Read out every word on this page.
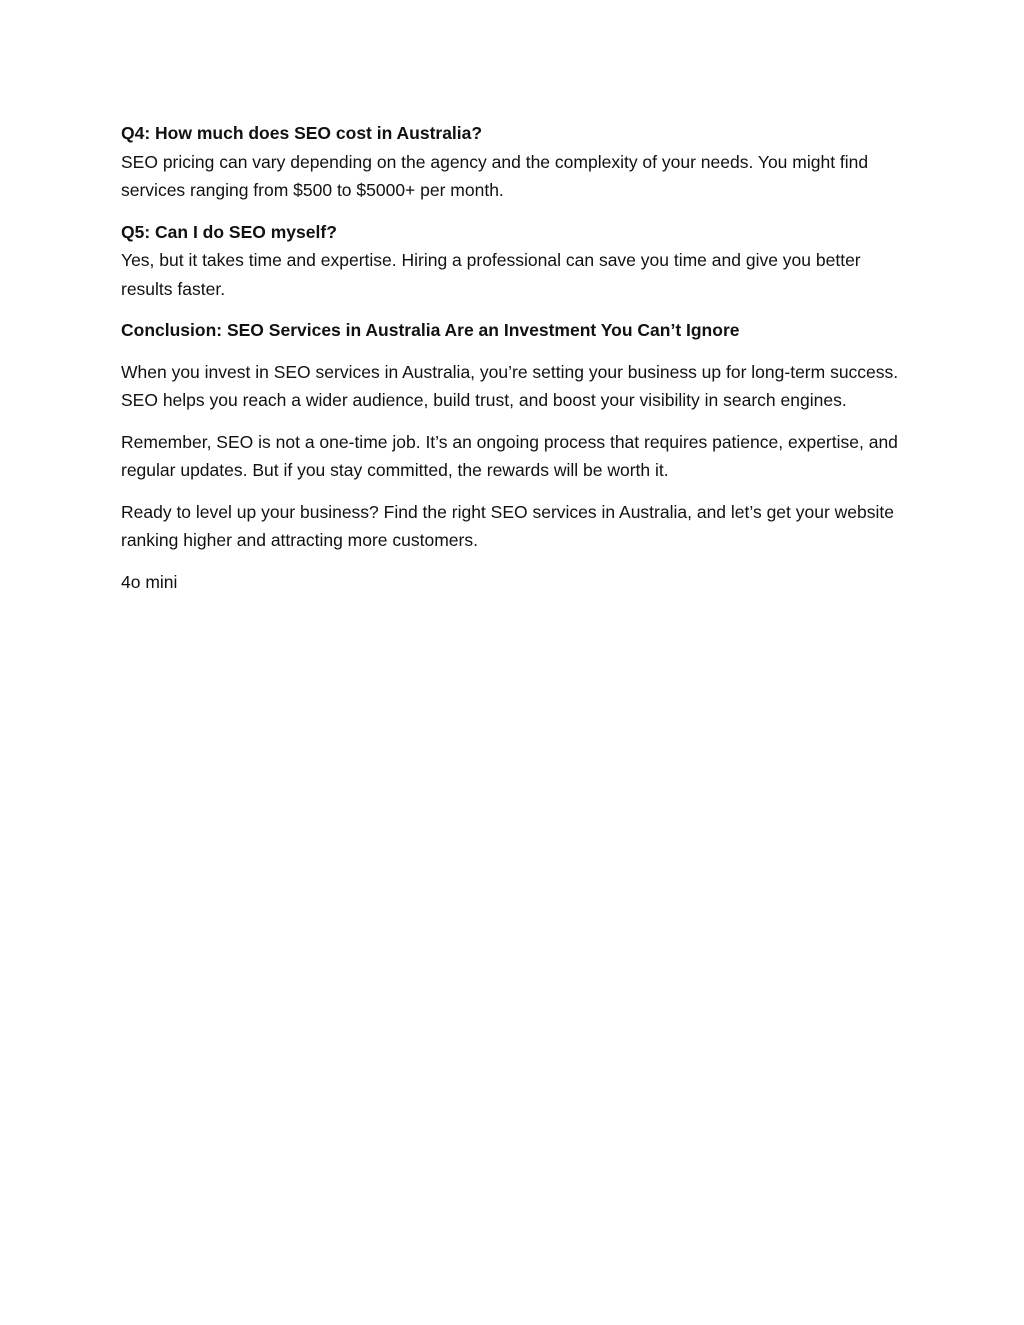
Q4: How much does SEO cost in Australia?

SEO pricing can vary depending on the agency and the complexity of your needs. You might find services ranging from $500 to $5000+ per month.

Q5: Can I do SEO myself?

Yes, but it takes time and expertise. Hiring a professional can save you time and give you better results faster.

Conclusion: SEO Services in Australia Are an Investment You Can’t Ignore

When you invest in SEO services in Australia, you’re setting your business up for long-term success. SEO helps you reach a wider audience, build trust, and boost your visibility in search engines.

Remember, SEO is not a one-time job. It’s an ongoing process that requires patience, expertise, and regular updates. But if you stay committed, the rewards will be worth it.

Ready to level up your business? Find the right SEO services in Australia, and let’s get your website ranking higher and attracting more customers.

4o mini
